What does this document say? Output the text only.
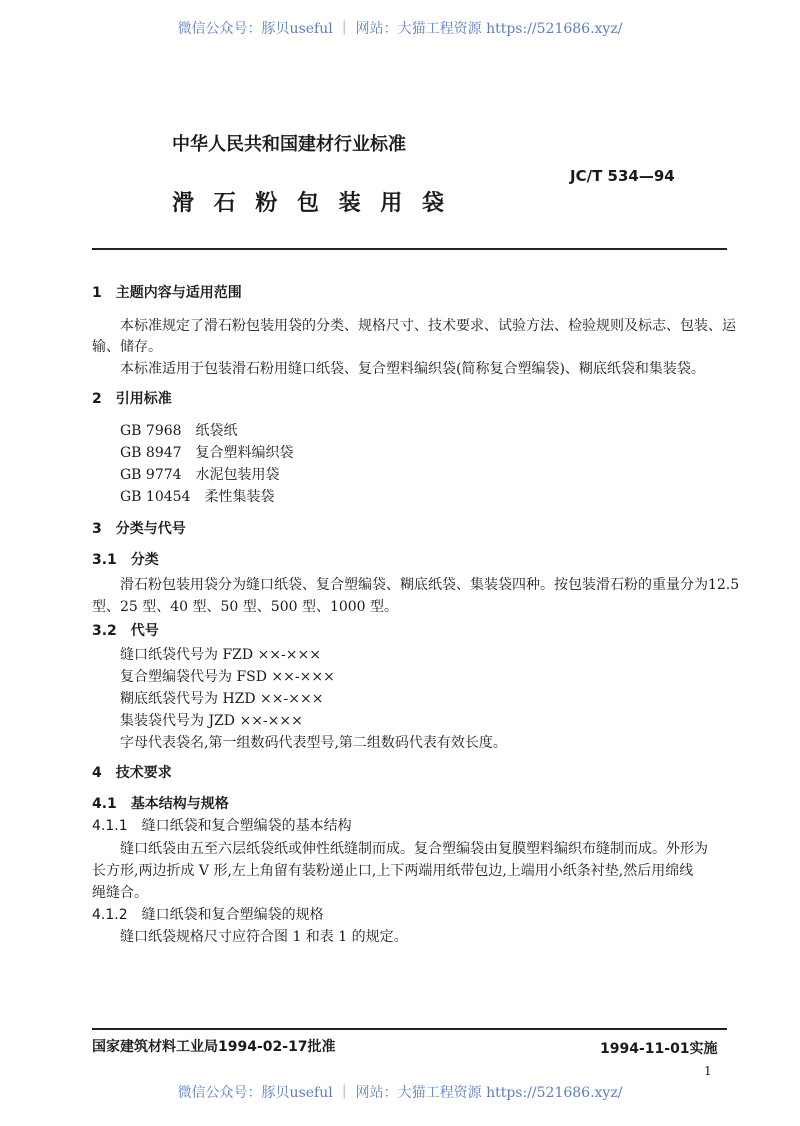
微信公众号：豚贝useful ｜ 网站：大猫工程资源 https://521686.xyz/
中华人民共和国建材行业标准
JC/T 534—94
滑 石 粉 包 装 用 袋
1　主题内容与适用范围
本标准规定了滑石粉包装用袋的分类、规格尺寸、技术要求、试验方法、检验规则及标志、包装、运
输、储存。
本标准适用于包装滑石粉用缝口纸袋、复合塑料编织袋(简称复合塑编袋)、糊底纸袋和集装袋。
2　引用标准
GB 7968　纸袋纸
GB 8947　复合塑料编织袋
GB 9774　水泥包装用袋
GB 10454　柔性集装袋
3　分类与代号
3.1　分类
滑石粉包装用袋分为缝口纸袋、复合塑编袋、糊底纸袋、集装袋四种。按包装滑石粉的重量分为12.5
型、25 型、40 型、50 型、500 型、1000 型。
3.2　代号
缝口纸袋代号为 FZD ××-×××
复合塑编袋代号为 FSD ××-×××
糊底纸袋代号为 HZD ××-×××
集装袋代号为 JZD ××-×××
字母代表袋名,第一组数码代表型号,第二组数码代表有效长度。
4　技术要求
4.1　基本结构与规格
4.1.1　缝口纸袋和复合塑编袋的基本结构
缝口纸袋由五至六层纸袋纸或伸性纸缝制而成。复合塑编袋由复膜塑料编织布缝制而成。外形为
长方形,两边折成 V 形,左上角留有装粉递止口,上下两端用纸带包边,上端用小纸条衬垫,然后用绵线
绳缝合。
4.1.2　缝口纸袋和复合塑编袋的规格
缝口纸袋规格尺寸应符合图 1 和表 1 的规定。
国家建筑材料工业局1994-02-17批准	1994-11-01实施
1
微信公众号：豚贝useful ｜ 网站：大猫工程资源 https://521686.xyz/
